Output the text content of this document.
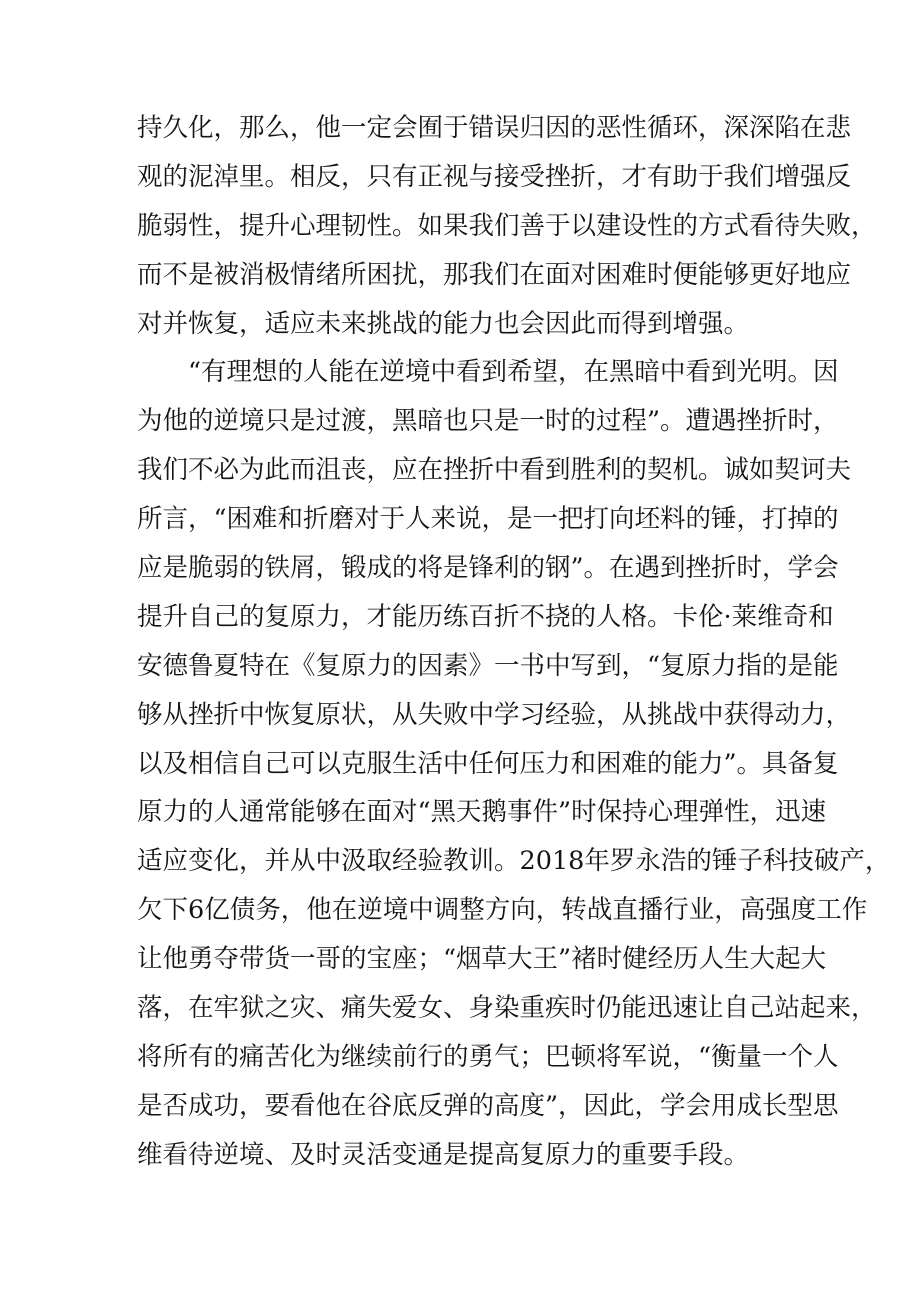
持久化，那么，他一定会囿于错误归因的恶性循环，深深陷在悲
观的泥淖里。相反，只有正视与接受挫折，才有助于我们增强反
脆弱性，提升心理韧性。如果我们善于以建设性的方式看待失败，
而不是被消极情绪所困扰，那我们在面对困难时便能够更好地应
对并恢复，适应未来挑战的能力也会因此而得到增强。
“有理想的人能在逆境中看到希望，在黑暗中看到光明。因
为他的逆境只是过渡，黑暗也只是一时的过程”。遭遇挫折时，
我们不必为此而沮丧，应在挫折中看到胜利的契机。诚如契诃夫
所言，“困难和折磨对于人来说，是一把打向坯料的锤，打掉的
应是脆弱的铁屑，锻成的将是锋利的钢”。在遇到挫折时，学会
提升自己的复原力，才能历练百折不挠的人格。卡伦·莱维奇和
安德鲁夏特在《复原力的因素》一书中写到，“复原力指的是能
够从挫折中恢复原状，从失败中学习经验，从挑战中获得动力，
以及相信自己可以克服生活中任何压力和困难的能力”。具备复
原力的人通常能够在面对“黑天鹅事件”时保持心理弹性，迅速
适应变化，并从中汲取经验教训。2018年罗永浩的锤子科技破产，
欠下6亿债务，他在逆境中调整方向，转战直播行业，高强度工作
让他勇夺带货一哥的宝座；“烟草大王”褚时健经历人生大起大
落，在牢狱之灾、痛失爱女、身染重疾时仍能迅速让自己站起来，
将所有的痛苦化为继续前行的勇气；巴顿将军说，“衡量一个人
是否成功，要看他在谷底反弹的高度”，因此，学会用成长型思
维看待逆境、及时灵活变通是提高复原力的重要手段。
